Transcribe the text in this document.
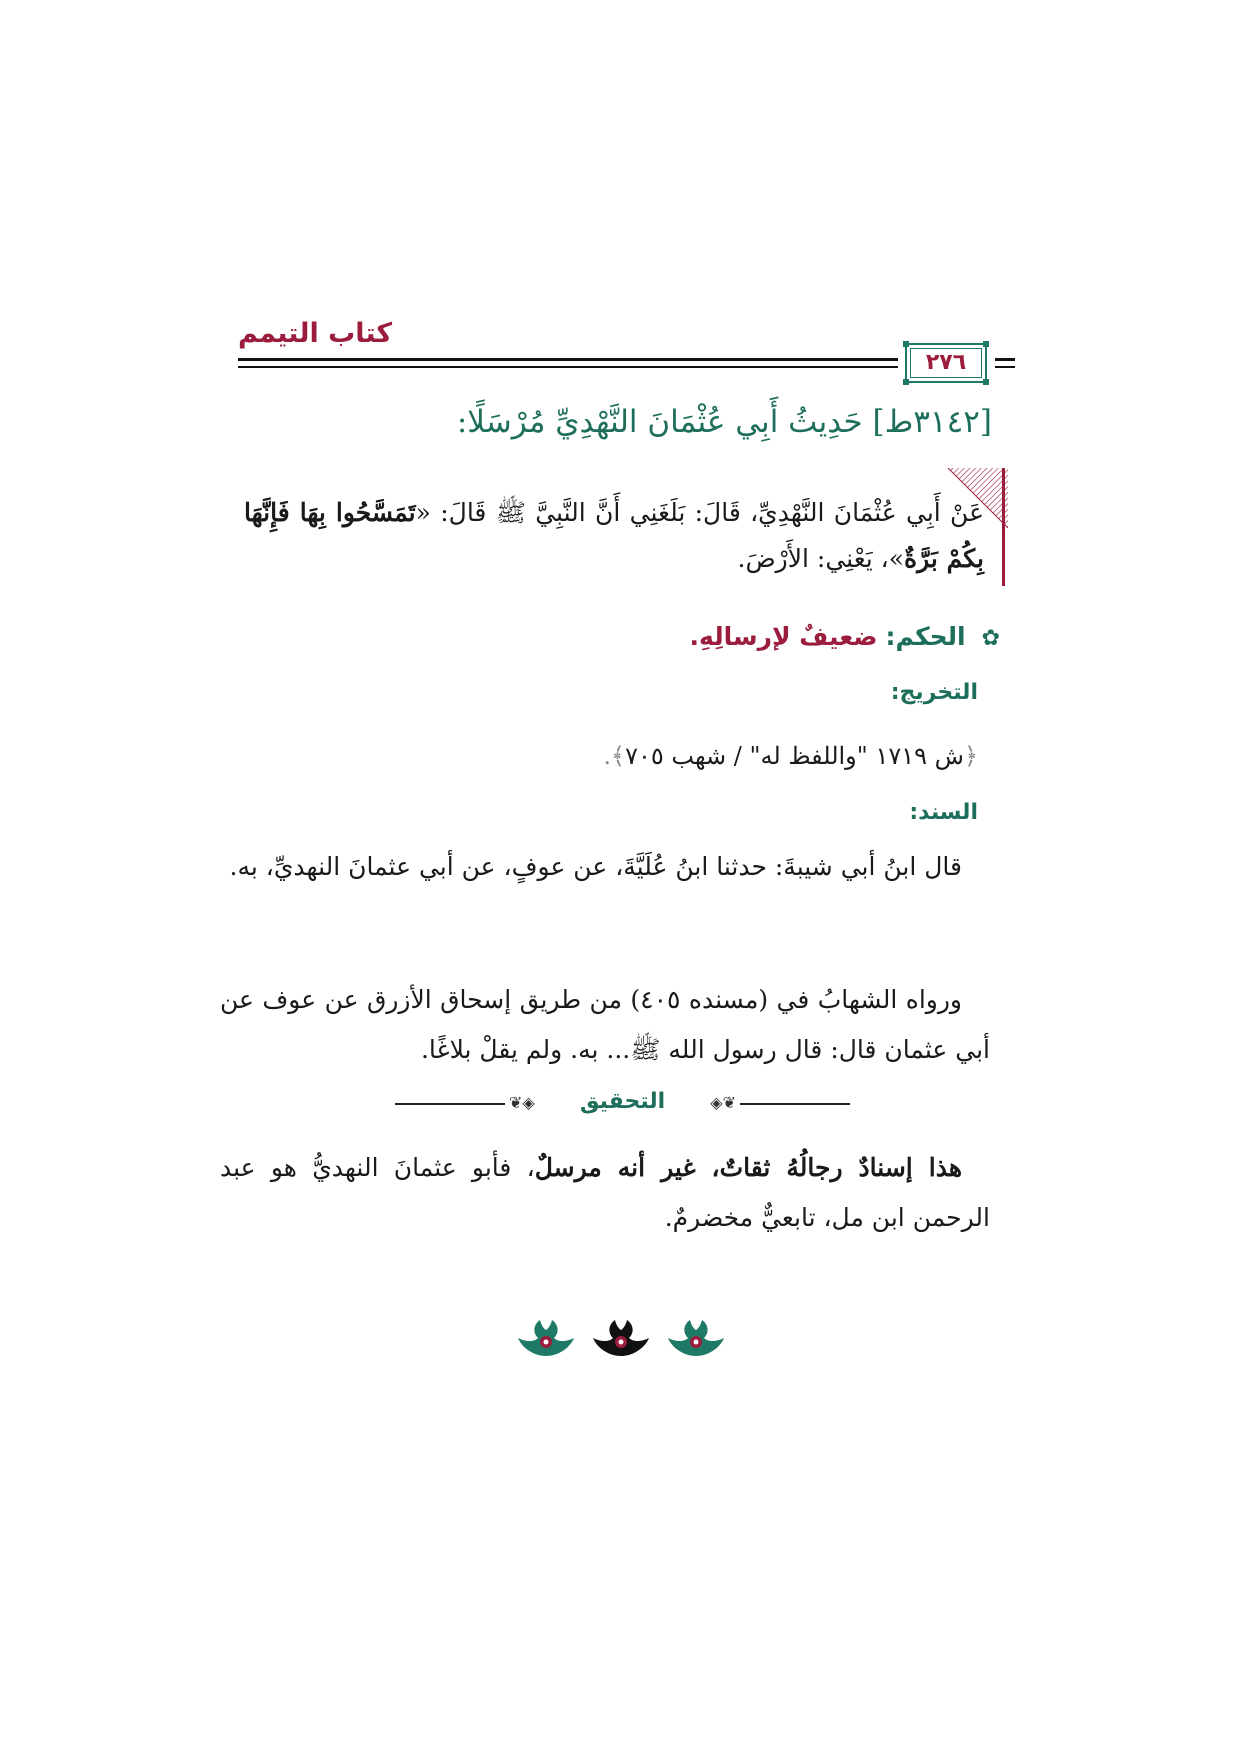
كتاب التيمم
٢٧٦
[٣١٤٢ط] حَدِيثُ أَبِي عُثْمَانَ النَّهْدِيِّ مُرْسَلًا:
عَنْ أَبِي عُثْمَانَ النَّهْدِيِّ، قَالَ: بَلَغَنِي أَنَّ النَّبِيَّ ﷺ قَالَ: «تَمَسَّحُوا بِهَا فَإِنَّهَا بِكُمْ بَرَّةٌ»، يَعْنِي: الأَرْضَ.
✿ الحكم: ضعيفٌ لإرسالِهِ.
التخريج:
﴿ش ١٧١٩ "واللفظ له" / شهب ٧٠٥﴾.
السند:
قال ابنُ أبي شيبةَ: حدثنا ابنُ عُلَيَّةَ، عن عوفٍ، عن أبي عثمانَ النهديِّ، به.
ورواه الشهابُ في (مسنده ٤٠٥) من طريق إسحاق الأزرق عن عوف عن أبي عثمان قال: قال رسول الله ﷺ... به. ولم يقلْ بلاغًا.
◈❦	❦◈
التحقيق
هذا إسنادٌ رجالُهُ ثقاتٌ، غير أنه مرسلٌ، فأبو عثمانَ النهديُّ هو عبد الرحمن ابن مل، تابعيٌّ مخضرمٌ.
